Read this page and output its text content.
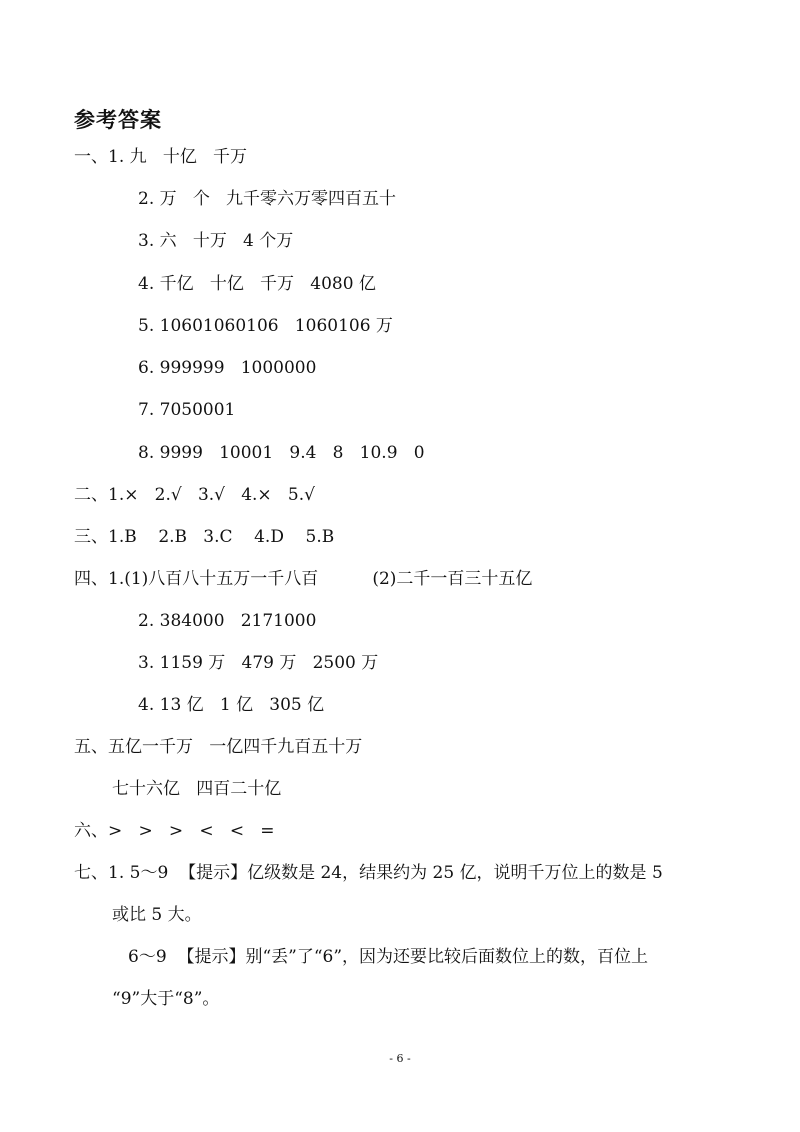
参考答案
一、1. 九   十亿   千万
2. 万   个   九千零六万零四百五十
3. 六   十万   4 个万
4. 千亿   十亿   千万   4080 亿
5. 10601060106   1060106 万
6. 999999   1000000
7. 7050001
8. 9999   10001   9.4   8   10.9   0
二、1.×   2.√   3.√   4.×   5.√
三、1.B    2.B   3.C    4.D    5.B
四、1.(1)八百八十五万一千八百          (2)二千一百三十五亿
2. 384000   2171000
3. 1159 万   479 万   2500 万
4. 13 亿   1 亿   305 亿
五、五亿一千万   一亿四千九百五十万
七十六亿   四百二十亿
六、>   >   >   <   <   =
七、1. 5～9  【提示】亿级数是 24，结果约为 25 亿，说明千万位上的数是 5
或比 5 大。
6～9  【提示】别“丢”了“6”，因为还要比较后面数位上的数，百位上
“9”大于“8”。
- 6 -
